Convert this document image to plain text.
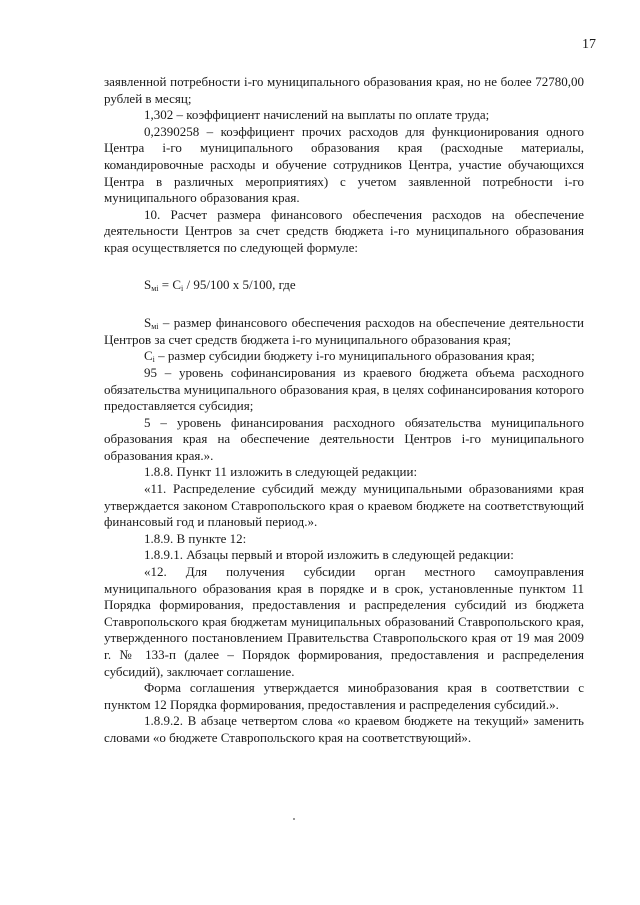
17

заявленной потребности i-го муниципального образования края, но не более 72780,00 рублей в месяц;

1,302 – коэффициент начислений на выплаты по оплате труда;

0,2390258 – коэффициент прочих расходов для функционирования одного Центра i-го муниципального образования края (расходные материалы, командировочные расходы и обучение сотрудников Центра, участие обучающихся Центра в различных мероприятиях) с учетом заявленной потребности i-го муниципального образования края.

10. Расчет размера финансового обеспечения расходов на обеспечение деятельности Центров за счет средств бюджета i-го муниципального образования края осуществляется по следующей формуле:

$S_{мi} = C_i / 95/100$ х 5/100, где

$S_{мi}$ – размер финансового обеспечения расходов на обеспечение деятельности Центров за счет средств бюджета i-го муниципального образования края;

$C_i$ – размер субсидии бюджету i-го муниципального образования края;

95 – уровень софинансирования из краевого бюджета объема расходного обязательства муниципального образования края, в целях софинансирования которого предоставляется субсидия;

5 – уровень финансирования расходного обязательства муниципального образования края на обеспечение деятельности Центров i-го муниципального образования края.».

1.8.8. Пункт 11 изложить в следующей редакции:

«11. Распределение субсидий между муниципальными образованиями края утверждается законом Ставропольского края о краевом бюджете на соответствующий финансовый год и плановый период.».

1.8.9. В пункте 12:

1.8.9.1. Абзацы первый и второй изложить в следующей редакции:

«12. Для получения субсидии орган местного самоуправления муниципального образования края в порядке и в срок, установленные пунктом 11 Порядка формирования, предоставления и распределения субсидий из бюджета Ставропольского края бюджетам муниципальных образований Ставропольского края, утвержденного постановлением Правительства Ставропольского края от 19 мая 2009 г. № 133-п (далее – Порядок формирования, предоставления и распределения субсидий), заключает соглашение.

Форма соглашения утверждается минобразования края в соответствии с пунктом 12 Порядка формирования, предоставления и распределения субсидий.».

1.8.9.2. В абзаце четвертом слова «о краевом бюджете на текущий» заменить словами «о бюджете Ставропольского края на соответствующий».
